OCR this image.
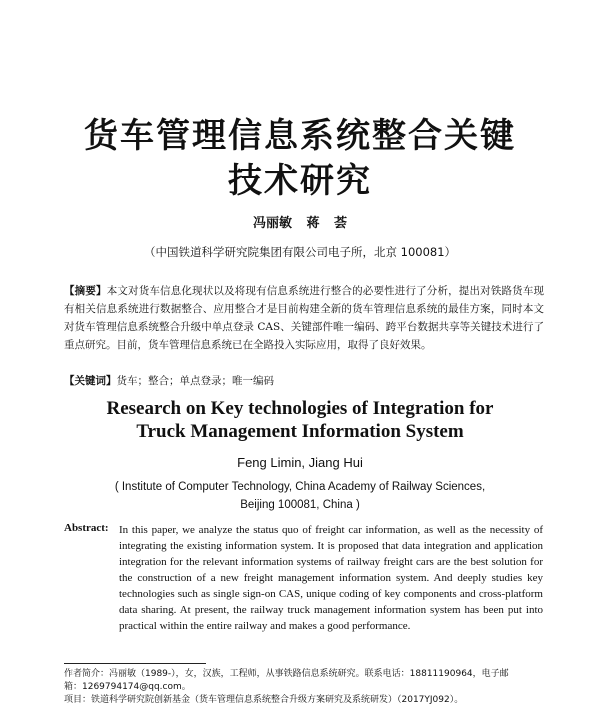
货车管理信息系统整合关键
技术研究
冯丽敏 蒋 荟
（中国铁道科学研究院集团有限公司电子所，北京 100081）
【摘要】本文对货车信息化现状以及将现有信息系统进行整合的必要性进行了分析，提出对铁路货车现有相关信息系统进行数据整合、应用整合才是目前构建全新的货车管理信息系统的最佳方案，同时本文对货车管理信息系统整合升级中单点登录 CAS、关键部件唯一编码、跨平台数据共享等关键技术进行了重点研究。目前，货车管理信息系统已在全路投入实际应用，取得了良好效果。
【关键词】货车；整合；单点登录；唯一编码
Research on Key technologies of Integration for
Truck Management Information System
Feng Limin, Jiang Hui
( Institute of Computer Technology, China Academy of Railway Sciences,
Beijing 100081, China )
Abstract: In this paper, we analyze the status quo of freight car information, as well as the necessity of integrating the existing information system. It is proposed that data integration and application integration for the relevant information systems of railway freight cars are the best solution for the construction of a new freight management information system. And deeply studies key technologies such as single sign-on CAS, unique coding of key components and cross-platform data sharing. At present, the railway truck management information system has been put into practical within the entire railway and makes a good performance.
作者简介：冯丽敏（1989-），女，汉族，工程师，从事铁路信息系统研究。联系电话：18811190964，电子邮
箱：1269794174@qq.com。
项目：铁道科学研究院创新基金（货车管理信息系统整合升级方案研究及系统研发）（2017YJ092）。
